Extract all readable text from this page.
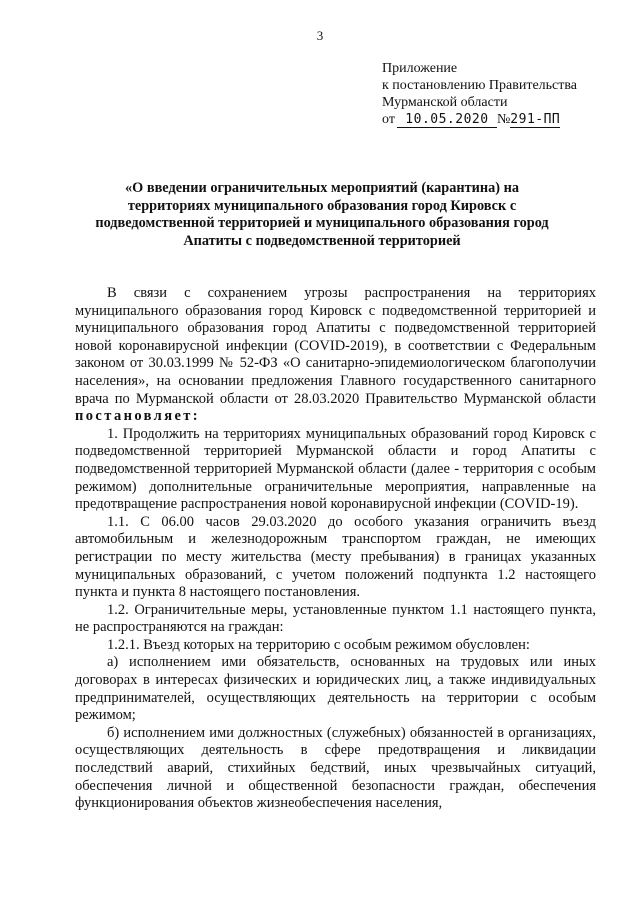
3
Приложение
к постановлению Правительства
Мурманской области
от 10.05.2020 №291-ПП
«О введении ограничительных мероприятий (карантина) на территориях муниципального образования город Кировск с подведомственной территорией и муниципального образования город Апатиты с подведомственной территорией

В связи с сохранением угрозы распространения на территориях муниципального образования город Кировск с подведомственной территорией и муниципального образования город Апатиты с подведомственной территорией новой коронавирусной инфекции (COVID-2019), в соответствии с Федеральным законом от 30.03.1999 № 52-ФЗ «О санитарно-эпидемиологическом благополучии населения», на основании предложения Главного государственного санитарного врача по Мурманской области от 28.03.2020 Правительство Мурманской области постановляет:

1. Продолжить на территориях муниципальных образований город Кировск с подведомственной территорией Мурманской области и город Апатиты с подведомственной территорией Мурманской области (далее - территория с особым режимом) дополнительные ограничительные мероприятия, направленные на предотвращение распространения новой коронавирусной инфекции (COVID-19).

1.1. С 06.00 часов 29.03.2020 до особого указания ограничить въезд автомобильным и железнодорожным транспортом граждан, не имеющих регистрации по месту жительства (месту пребывания) в границах указанных муниципальных образований, с учетом положений подпункта 1.2 настоящего пункта и пункта 8 настоящего постановления.

1.2. Ограничительные меры, установленные пунктом 1.1 настоящего пункта, не распространяются на граждан:

1.2.1. Въезд которых на территорию с особым режимом обусловлен:

а) исполнением ими обязательств, основанных на трудовых или иных договорах в интересах физических и юридических лиц, а также индивидуальных предпринимателей, осуществляющих деятельность на территории с особым режимом;

б) исполнением ими должностных (служебных) обязанностей в организациях, осуществляющих деятельность в сфере предотвращения и ликвидации последствий аварий, стихийных бедствий, иных чрезвычайных ситуаций, обеспечения личной и общественной безопасности граждан, обеспечения функционирования объектов жизнеобеспечения населения,
